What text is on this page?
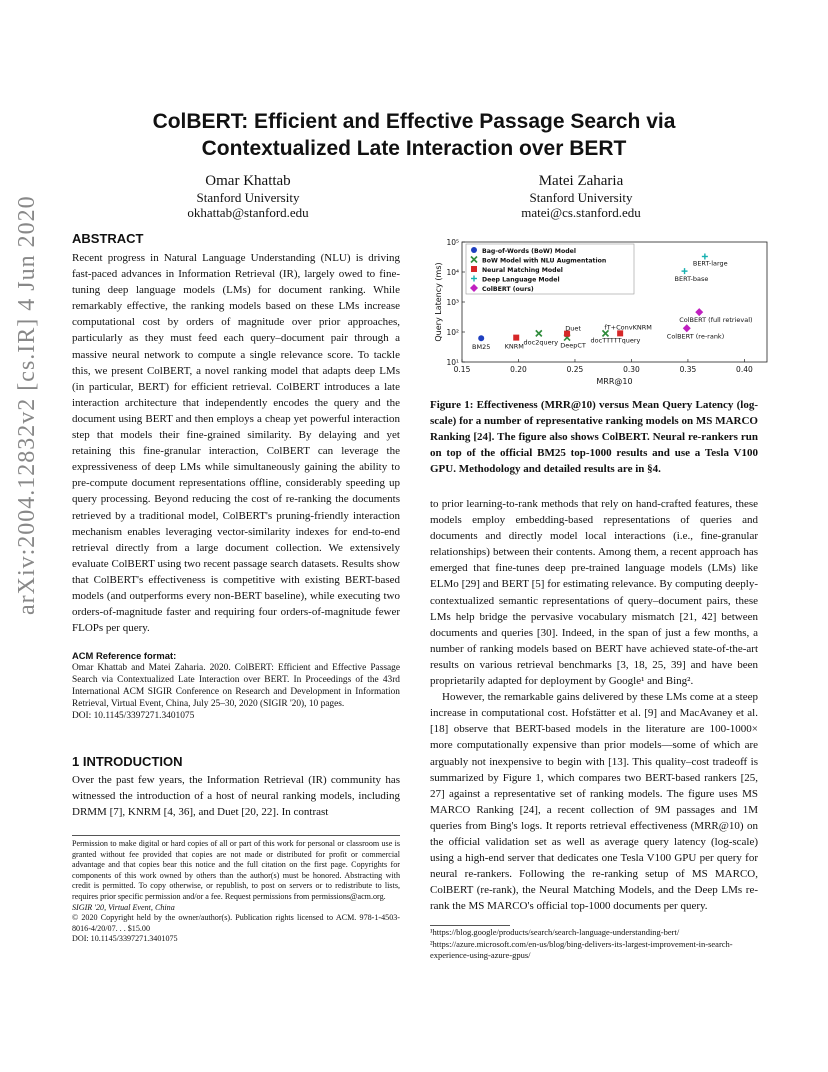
arXiv:2004.12832v2 [cs.IR] 4 Jun 2020
ColBERT: Efficient and Effective Passage Search via
Contextualized Late Interaction over BERT
Omar Khattab
Stanford University
okhattab@stanford.edu
Matei Zaharia
Stanford University
matei@cs.stanford.edu
ABSTRACT

Recent progress in Natural Language Understanding (NLU) is driving fast-paced advances in Information Retrieval (IR), largely owed to fine-tuning deep language models (LMs) for document ranking. While remarkably effective, the ranking models based on these LMs increase computational cost by orders of magnitude over prior approaches, particularly as they must feed each query–document pair through a massive neural network to compute a single relevance score. To tackle this, we present ColBERT, a novel ranking model that adapts deep LMs (in particular, BERT) for efficient retrieval. ColBERT introduces a late interaction architecture that independently encodes the query and the document using BERT and then employs a cheap yet powerful interaction step that models their fine-grained similarity. By delaying and yet retaining this fine-granular interaction, ColBERT can leverage the expressiveness of deep LMs while simultaneously gaining the ability to pre-compute document representations offline, considerably speeding up query processing. Beyond reducing the cost of re-ranking the documents retrieved by a traditional model, ColBERT's pruning-friendly interaction mechanism enables leveraging vector-similarity indexes for end-to-end retrieval directly from a large document collection. We extensively evaluate ColBERT using two recent passage search datasets. Results show that ColBERT's effectiveness is competitive with existing BERT-based models (and outperforms every non-BERT baseline), while executing two orders-of-magnitude faster and requiring four orders-of-magnitude fewer FLOPs per query.

ACM Reference format:
Omar Khattab and Matei Zaharia. 2020. ColBERT: Efficient and Effective Passage Search via Contextualized Late Interaction over BERT. In Proceedings of the 43rd International ACM SIGIR Conference on Research and Development in Information Retrieval, Virtual Event, China, July 25–30, 2020 (SIGIR '20), 10 pages.
DOI: 10.1145/3397271.3401075
1 INTRODUCTION
Over the past few years, the Information Retrieval (IR) community has witnessed the introduction of a host of neural ranking models, including DRMM [7], KNRM [4, 36], and Duet [20, 22]. In contrast
Permission to make digital or hard copies of all or part of this work for personal or classroom use is granted without fee provided that copies are not made or distributed for profit or commercial advantage and that copies bear this notice and the full citation on the first page. Copyrights for components of this work owned by others than the author(s) must be honored. Abstracting with credit is permitted. To copy otherwise, or republish, to post on servers or to redistribute to lists, requires prior specific permission and/or a fee. Request permissions from permissions@acm.org.
SIGIR '20, Virtual Event, China
© 2020 Copyright held by the owner/author(s). Publication rights licensed to ACM. 978-1-4503-8016-4/20/07. . . $15.00
DOI: 10.1145/3397271.3401075
0.15	0.20	0.25	0.30	0.35	0.40
10¹
10²
10³
10⁴
10⁵
MRR@10
Query Latency (ms)
BM25
doc2query DeepCT
docTTTTTquery
KNRM
Duet	fT+ConvKNRM
BERT-base
BERT-large
ColBERT (full retrieval)
ColBERT (re-rank)
Bag-of-Words (BoW) Model
BoW Model with NLU Augmentation
Neural Matching Model
Deep Language Model
ColBERT (ours)
Figure 1: Effectiveness (MRR@10) versus Mean Query Latency (log-scale) for a number of representative ranking models on MS MARCO Ranking [24]. The figure also shows ColBERT. Neural re-rankers run on top of the official BM25 top-1000 results and use a Tesla V100 GPU. Methodology and detailed results are in §4.

to prior learning-to-rank methods that rely on hand-crafted features, these models employ embedding-based representations of queries and documents and directly model local interactions (i.e., fine-granular relationships) between their contents. Among them, a recent approach has emerged that fine-tunes deep pre-trained language models (LMs) like ELMo [29] and BERT [5] for estimating relevance. By computing deeply-contextualized semantic representations of query–document pairs, these LMs help bridge the pervasive vocabulary mismatch [21, 42] between documents and queries [30]. Indeed, in the span of just a few months, a number of ranking models based on BERT have achieved state-of-the-art results on various retrieval benchmarks [3, 18, 25, 39] and have been proprietarily adapted for deployment by Google¹ and Bing².

However, the remarkable gains delivered by these LMs come at a steep increase in computational cost. Hofstätter et al. [9] and MacAvaney et al. [18] observe that BERT-based models in the literature are 100-1000× more computationally expensive than prior models—some of which are arguably not inexpensive to begin with [13]. This quality–cost tradeoff is summarized by Figure 1, which compares two BERT-based rankers [25, 27] against a representative set of ranking models. The figure uses MS MARCO Ranking [24], a recent collection of 9M passages and 1M queries from Bing's logs. It reports retrieval effectiveness (MRR@10) on the official validation set as well as average query latency (log-scale) using a high-end server that dedicates one Tesla V100 GPU per query for neural re-rankers. Following the re-ranking setup of MS MARCO, ColBERT (re-rank), the Neural Matching Models, and the Deep LMs re-rank the MS MARCO's official top-1000 documents per query.

¹https://blog.google/products/search/search-language-understanding-bert/
²https://azure.microsoft.com/en-us/blog/bing-delivers-its-largest-improvement-in-search-experience-using-azure-gpus/
